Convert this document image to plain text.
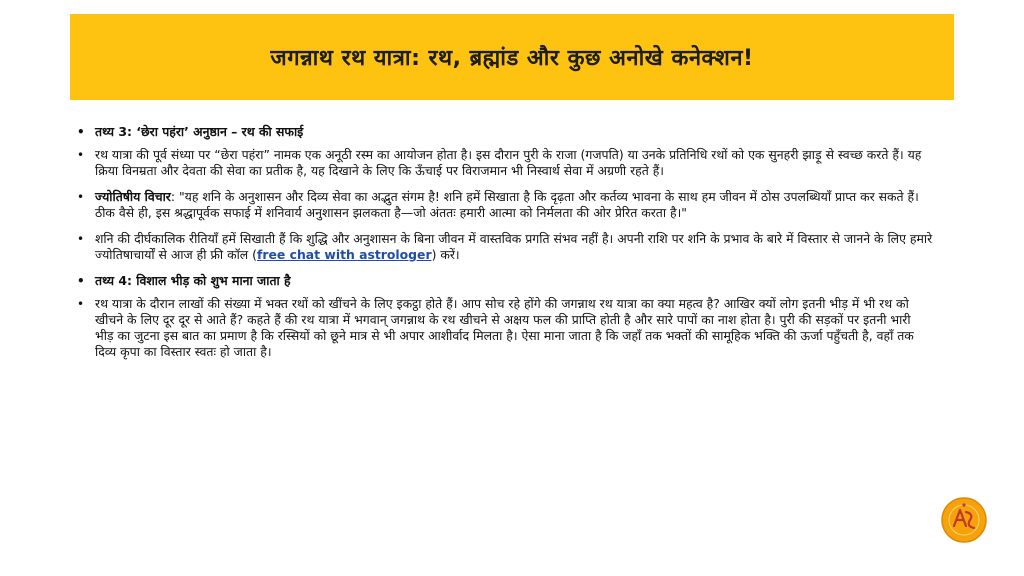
जगन्नाथ रथ यात्रा: रथ, ब्रह्मांड और कुछ अनोखे कनेक्शन!
• तथ्य 3: ‘छेरा पहंरा’ अनुष्ठान – रथ की सफाई
• रथ यात्रा की पूर्व संध्या पर “छेरा पहंरा” नामक एक अनूठी रस्म का आयोजन होता है। इस दौरान पुरी के राजा (गजपति) या उनके प्रतिनिधि रथों को एक सुनहरी झाड़ू से स्वच्छ करते हैं। यह क्रिया विनम्रता और देवता की सेवा का प्रतीक है, यह दिखाने के लिए कि ऊँचाई पर विराजमान भी निस्वार्थ सेवा में अग्रणी रहते हैं।
• ज्योतिषीय विचार: "यह शनि के अनुशासन और दिव्य सेवा का अद्भुत संगम है! शनि हमें सिखाता है कि दृढ़ता और कर्तव्य भावना के साथ हम जीवन में ठोस उपलब्धियाँ प्राप्त कर सकते हैं। ठीक वैसे ही, इस श्रद्धापूर्वक सफाई में शनिवार्य अनुशासन झलकता है—जो अंततः हमारी आत्मा को निर्मलता की ओर प्रेरित करता है।"
• शनि की दीर्घकालिक रीतियाँ हमें सिखाती हैं कि शुद्धि और अनुशासन के बिना जीवन में वास्तविक प्रगति संभव नहीं है। अपनी राशि पर शनि के प्रभाव के बारे में विस्तार से जानने के लिए हमारे ज्योतिषाचार्यों से आज ही फ्री कॉल (free chat with astrologer) करें।
• तथ्य 4: विशाल भीड़ को शुभ माना जाता है
• रथ यात्रा के दौरान लाखों की संख्या में भक्त रथों को खींचने के लिए इकट्ठा होते हैं। आप सोच रहे होंगे की जगन्नाथ रथ यात्रा का क्या महत्व है? आखिर क्यों लोग इतनी भीड़ में भी रथ को खीचने के लिए दूर दूर से आते हैं? कहते हैं की रथ यात्रा में भगवान् जगन्नाथ के रथ खीचने से अक्षय फल की प्राप्ति होती है और सारे पापों का नाश होता है। पुरी की सड़कों पर इतनी भारी भीड़ का जुटना इस बात का प्रमाण है कि रस्सियों को छूने मात्र से भी अपार आशीर्वाद मिलता है। ऐसा माना जाता है कि जहाँ तक भक्तों की सामूहिक भक्ति की ऊर्जा पहुँचती है, वहाँ तक दिव्य कृपा का विस्तार स्वतः हो जाता है।
